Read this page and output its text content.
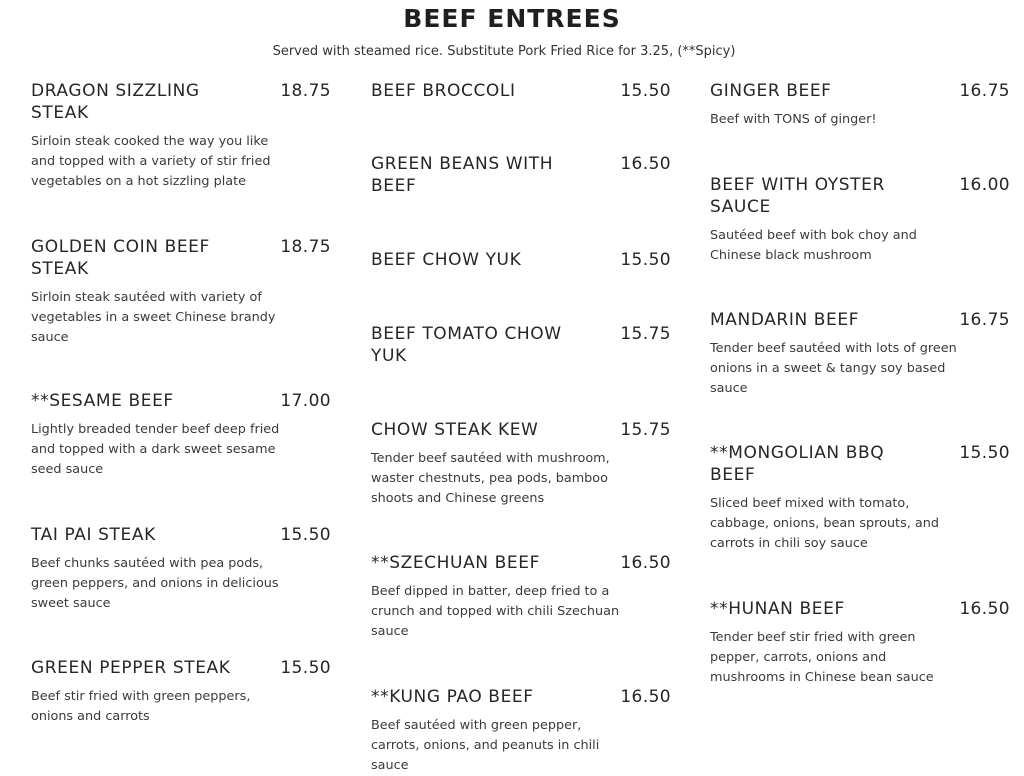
BEEF ENTREES
Served with steamed rice. Substitute Pork Fried Rice for 3.25, (**Spicy)
DRAGON SIZZLING STEAK
18.75
Sirloin steak cooked the way you like and topped with a variety of stir fried vegetables on a hot sizzling plate
GOLDEN COIN BEEF STEAK
18.75
Sirloin steak sautéed with variety of vegetables in a sweet Chinese brandy sauce
**SESAME BEEF	17.00
Lightly breaded tender beef deep fried and topped with a dark sweet sesame seed sauce
TAI PAI STEAK	15.50
Beef chunks sautéed with pea pods, green peppers, and onions in delicious sweet sauce
GREEN PEPPER STEAK	15.50
Beef stir fried with green peppers, onions and carrots
BEEF BROCCOLI	15.50
GREEN BEANS WITH BEEF
16.50
BEEF CHOW YUK	15.50
BEEF TOMATO CHOW YUK
15.75
CHOW STEAK KEW	15.75
Tender beef sautéed with mushroom, waster chestnuts, pea pods, bamboo shoots and Chinese greens
**SZECHUAN BEEF	16.50
Beef dipped in batter, deep fried to a crunch and topped with chili Szechuan sauce
**KUNG PAO BEEF	16.50
Beef sautéed with green pepper, carrots, onions, and peanuts in chili sauce
GINGER BEEF	16.75
Beef with TONS of ginger!
BEEF WITH OYSTER SAUCE
16.00
Sautéed beef with bok choy and Chinese black mushroom
MANDARIN BEEF	16.75
Tender beef sautéed with lots of green onions in a sweet & tangy soy based sauce
**MONGOLIAN BBQ BEEF
15.50
Sliced beef mixed with tomato, cabbage, onions, bean sprouts, and carrots in chili soy sauce
**HUNAN BEEF	16.50
Tender beef stir fried with green pepper, carrots, onions and mushrooms in Chinese bean sauce
